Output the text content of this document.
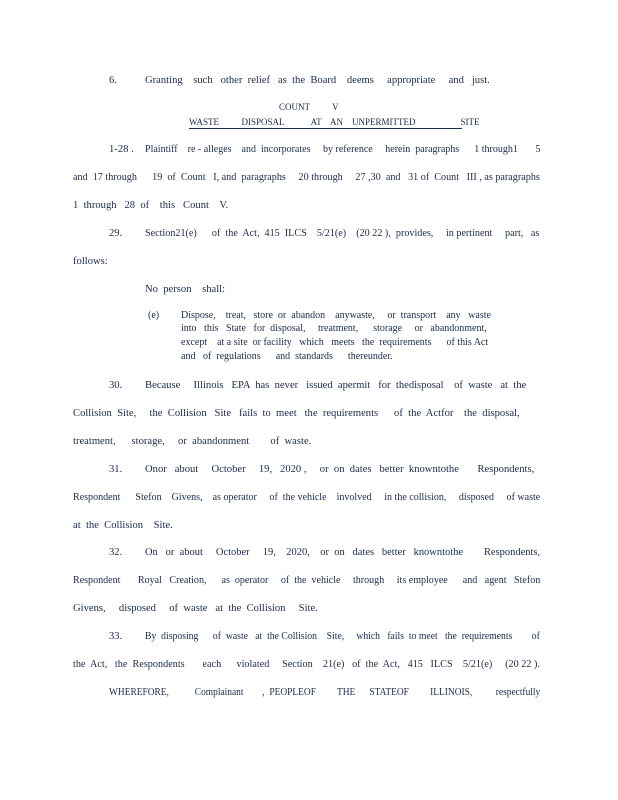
6.	Granting    such   other  relief   as  the  Board    deems     appropriate     and   just.
COUNT          V
WASTE          DISPOSAL            AT    AN    UNPERMITTED                    SITE
1-28 . Plaintiff    re - alleges    and  incorporates     by reference     herein  paragraphs      1 through1       5
and  17 through      19  of  Count   I, and  paragraphs     20 through     27 ,30  and   31 of  Count   III , as paragraphs
1  through   28  of    this   Count    V.
29. Section21(e)      of  the  Act,  415  ILCS    5/21(e)    (20 22 ),  provides,     in pertinent     part,   as
follows:
No  person    shall:
(e) Dispose,    treat,   store  or  abandon    anywaste,     or  transport    any   waste
into   this   State   for  disposal,     treatment,      storage     or   abandonment,
except    at a site  or facility   which   meets   the  requirements      of this Act
and   of  regulations      and  standards      thereunder.
30. Because     Illinois   EPA  has  never   issued  apermit   for  thedisposal    of  waste   at  the
Collision  Site,     the  Collision   Site   fails  to  meet   the  requirements      of  the  Actfor    the  disposal,
treatment,      storage,     or  abandonment        of  waste.
31. Onor   about     October     19,   2020 ,     or  on  dates   better  knowntothe       Respondents,
Respondent      Stefon    Givens,    as operator     of  the vehicle    involved     in the collision,     disposed     of waste
at  the  Collision    Site.
32. On   or  about     October     19,    2020,    or  on   dates   better   knowntothe        Respondents,
Respondent       Royal   Creation,      as  operator     of  the  vehicle     through     its employee      and   agent   Stefon
Givens,     disposed     of  waste   at  the  Collision     Site.
33. By  disposing      of  waste   at  the Collision    Site,     which   fails  to meet   the  requirements        of
the  Act,   the  Respondents       each      violated     Section    21(e)   of  the  Act,   415   ILCS    5/21(e)     (20 22 ).
WHEREFORE,           Complainant        ,  PEOPLEOF         THE      STATEOF         ILLINOIS,          respectfully
